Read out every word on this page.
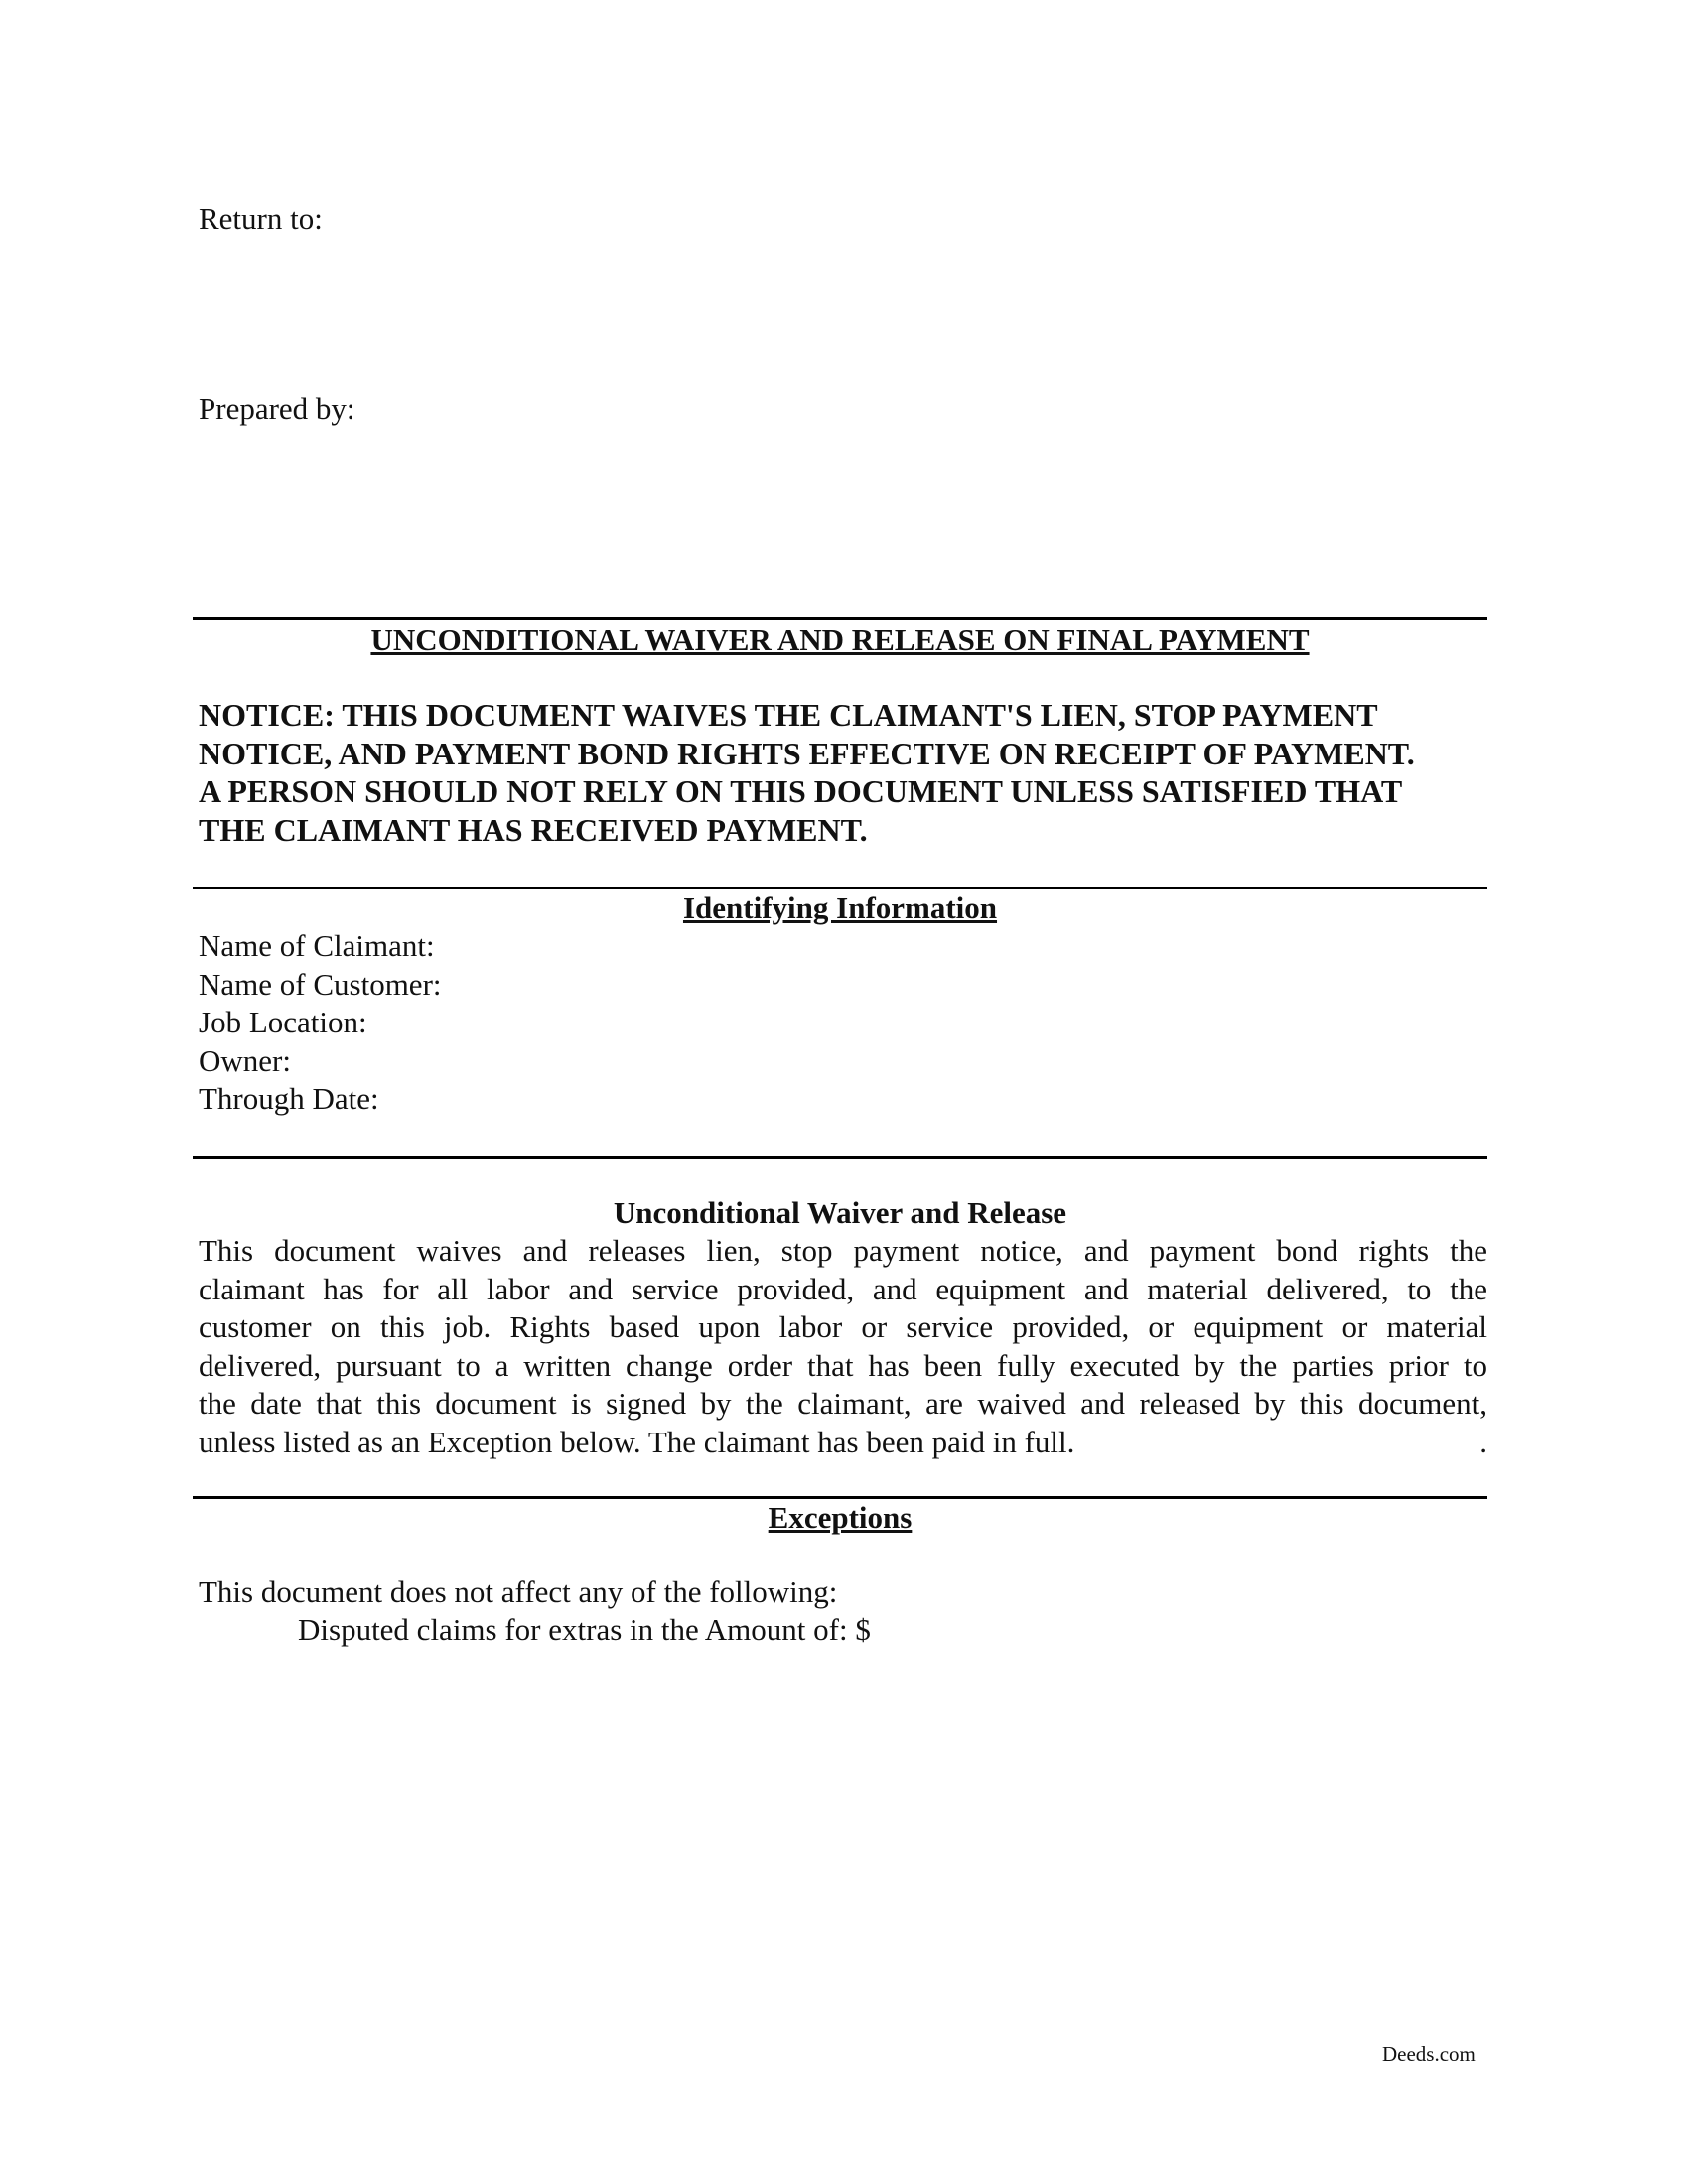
Return to:
Prepared by:
UNCONDITIONAL WAIVER AND RELEASE ON FINAL PAYMENT
NOTICE: THIS DOCUMENT WAIVES THE CLAIMANT'S LIEN, STOP PAYMENT
NOTICE, AND PAYMENT BOND RIGHTS EFFECTIVE ON RECEIPT OF PAYMENT.
A PERSON SHOULD NOT RELY ON THIS DOCUMENT UNLESS SATISFIED THAT
THE CLAIMANT HAS RECEIVED PAYMENT.
Identifying Information
Name of Claimant:
Name of Customer:
Job Location:
Owner:
Through Date:
Unconditional Waiver and Release
This document waives and releases lien, stop payment notice, and payment bond rights the
claimant has for all labor and service provided, and equipment and material delivered, to the
customer on this job. Rights based upon labor or service provided, or equipment or material
delivered, pursuant to a written change order that has been fully executed by the parties prior to
the date that this document is signed by the claimant, are waived and released by this document,
unless listed as an Exception below. The claimant has been paid in full.	.
Exceptions
This document does not affect any of the following:
Disputed claims for extras in the Amount of: $
Deeds.com
